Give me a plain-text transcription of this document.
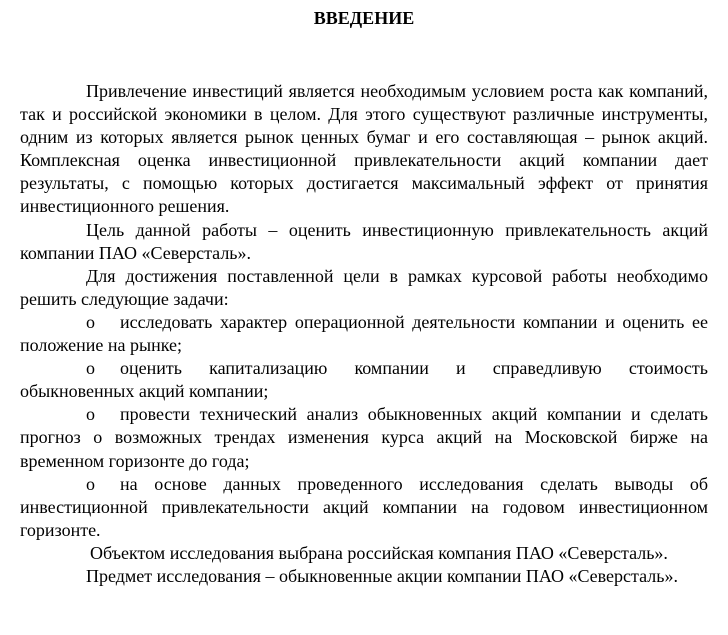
ВВЕДЕНИЕ

Привлечение инвестиций является необходимым условием роста как компаний, так и российской экономики в целом. Для этого существуют различные инструменты, одним из которых является рынок ценных бумаг и его составляющая – рынок акций. Комплексная оценка инвестиционной привлекательности акций компании дает результаты, с помощью которых достигается максимальный эффект от принятия инвестиционного решения.

Цель данной работы – оценить инвестиционную привлекательность акций компании ПАО «Северсталь».

Для достижения поставленной цели в рамках курсовой работы необходимо решить следующие задачи:

o исследовать характер операционной деятельности компании и оценить ее положение на рынке;

o оценить капитализацию компании и справедливую стоимость обыкновенных акций компании;

o провести технический анализ обыкновенных акций компании и сделать прогноз о возможных трендах изменения курса акций на Московской бирже на временном горизонте до года;

o на основе данных проведенного исследования сделать выводы об инвестиционной привлекательности акций компании на годовом инвестиционном горизонте.

Объектом исследования выбрана российская компания ПАО «Северсталь».

Предмет исследования – обыкновенные акции компании ПАО «Северсталь».
